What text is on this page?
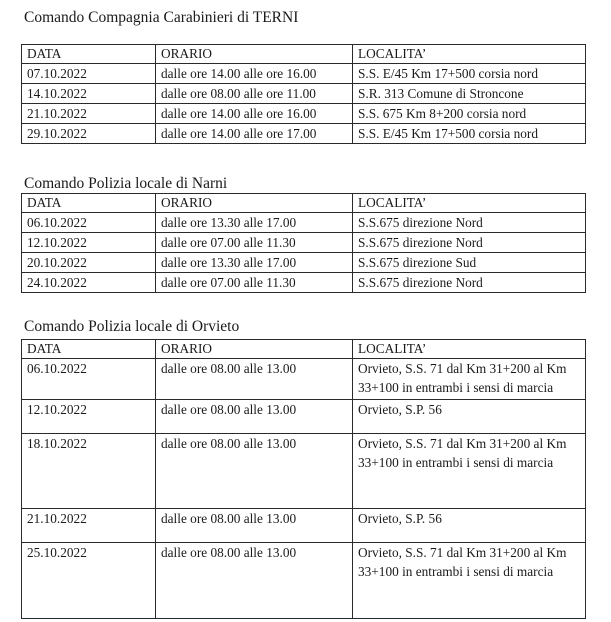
Comando Compagnia Carabinieri di TERNI
DATA	ORARIO	LOCALITA’
07.10.2022	dalle ore 14.00 alle ore 16.00	S.S. E/45 Km 17+500 corsia nord
14.10.2022	dalle ore 08.00 alle ore 11.00	S.R. 313 Comune di Stroncone
21.10.2022	dalle ore 14.00 alle ore 16.00	S.S. 675 Km 8+200 corsia nord
29.10.2022	dalle ore 14.00 alle ore 17.00	S.S. E/45 Km 17+500 corsia nord
Comando Polizia locale di Narni
DATA	ORARIO	LOCALITA’
06.10.2022	dalle ore 13.30 alle 17.00	S.S.675 direzione Nord
12.10.2022	dalle ore 07.00 alle 11.30	S.S.675 direzione Nord
20.10.2022	dalle ore 13.30 alle 17.00	S.S.675 direzione Sud
24.10.2022	dalle ore 07.00 alle 11.30	S.S.675 direzione Nord
Comando Polizia locale di Orvieto
DATA	ORARIO	LOCALITA’
06.10.2022	dalle ore 08.00 alle 13.00	Orvieto, S.S. 71 dal Km 31+200 al Km 33+100 in entrambi i sensi di marcia
12.10.2022	dalle ore 08.00 alle 13.00	Orvieto, S.P. 56
18.10.2022	dalle ore 08.00 alle 13.00	Orvieto, S.S. 71 dal Km 31+200 al Km 33+100 in entrambi i sensi di marcia
21.10.2022	dalle ore 08.00 alle 13.00	Orvieto, S.P. 56
25.10.2022	dalle ore 08.00 alle 13.00	Orvieto, S.S. 71 dal Km 31+200 al Km 33+100 in entrambi i sensi di marcia
